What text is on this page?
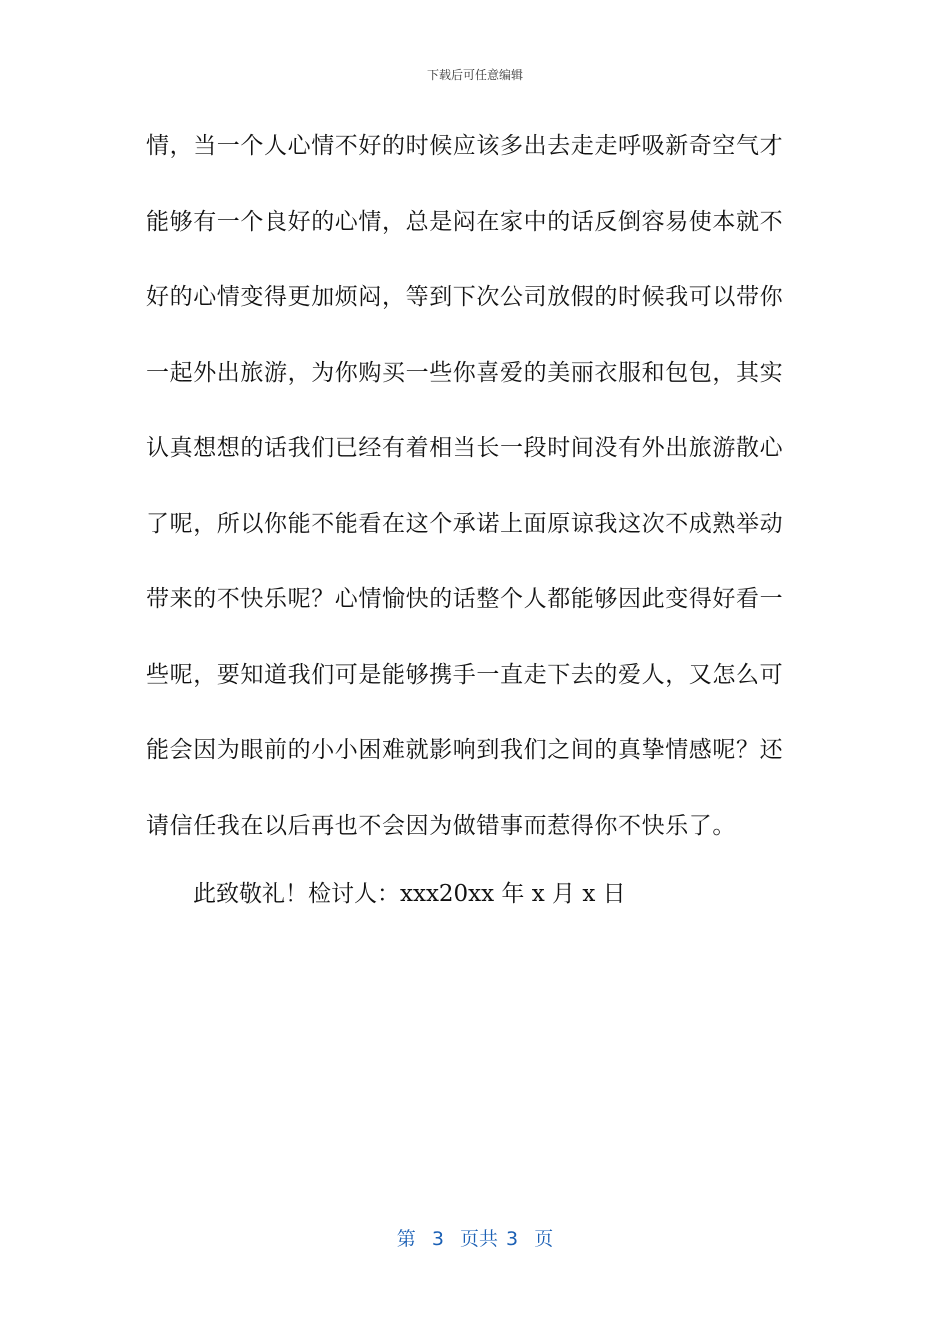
下载后可任意编辑
情，当一个人心情不好的时候应该多出去走走呼吸新奇空气才
能够有一个良好的心情，总是闷在家中的话反倒容易使本就不
好的心情变得更加烦闷，等到下次公司放假的时候我可以带你
一起外出旅游，为你购买一些你喜爱的美丽衣服和包包，其实
认真想想的话我们已经有着相当长一段时间没有外出旅游散心
了呢，所以你能不能看在这个承诺上面原谅我这次不成熟举动
带来的不快乐呢？心情愉快的话整个人都能够因此变得好看一
些呢，要知道我们可是能够携手一直走下去的爱人，又怎么可
能会因为眼前的小小困难就影响到我们之间的真挚情感呢？还
请信任我在以后再也不会因为做错事而惹得你不快乐了。
此致敬礼！检讨人：xxx20xx 年 x 月 x 日
第  3  页共 3  页
